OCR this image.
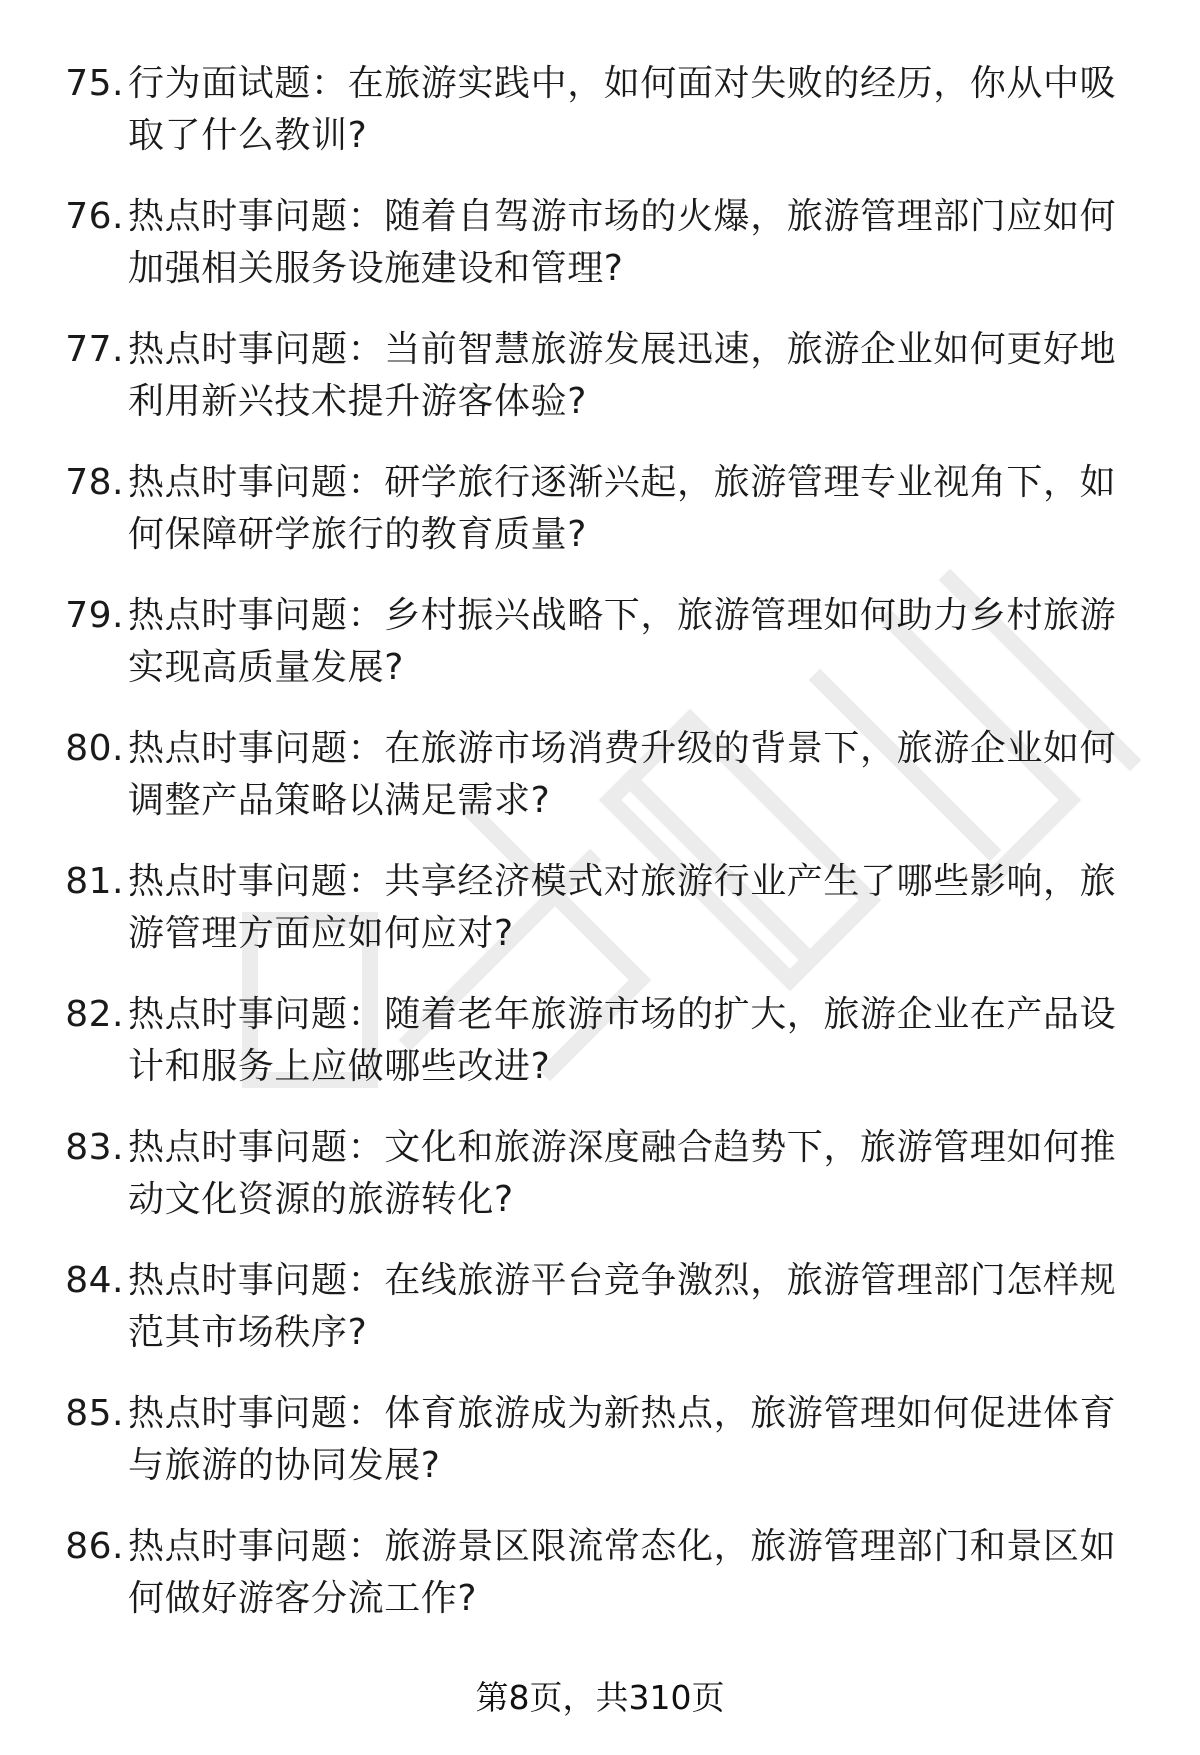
75. 行为面试题：在旅游实践中，如何面对失败的经历，你从中吸取了什么教训?
76. 热点时事问题：随着自驾游市场的火爆，旅游管理部门应如何加强相关服务设施建设和管理?
77. 热点时事问题：当前智慧旅游发展迅速，旅游企业如何更好地利用新兴技术提升游客体验?
78. 热点时事问题：研学旅行逐渐兴起，旅游管理专业视角下，如何保障研学旅行的教育质量?
79. 热点时事问题：乡村振兴战略下，旅游管理如何助力乡村旅游实现高质量发展?
80. 热点时事问题：在旅游市场消费升级的背景下，旅游企业如何调整产品策略以满足需求?
81. 热点时事问题：共享经济模式对旅游行业产生了哪些影响，旅游管理方面应如何应对?
82. 热点时事问题：随着老年旅游市场的扩大，旅游企业在产品设计和服务上应做哪些改进?
83. 热点时事问题：文化和旅游深度融合趋势下，旅游管理如何推动文化资源的旅游转化?
84. 热点时事问题：在线旅游平台竞争激烈，旅游管理部门怎样规范其市场秩序?
85. 热点时事问题：体育旅游成为新热点，旅游管理如何促进体育与旅游的协同发展?
86. 热点时事问题：旅游景区限流常态化，旅游管理部门和景区如何做好游客分流工作?
第8页，共310页
